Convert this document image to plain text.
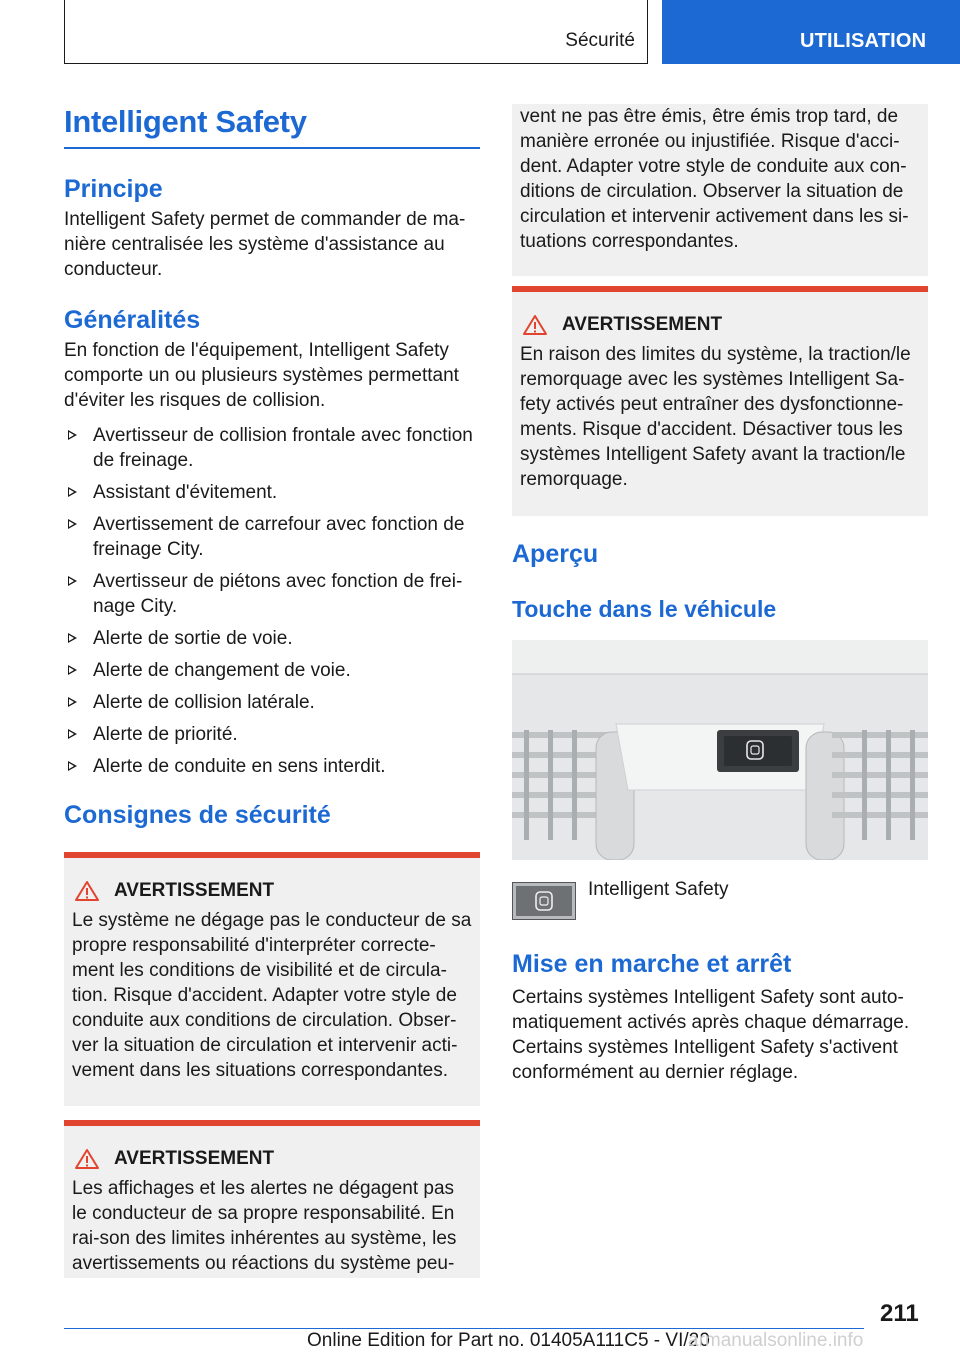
Sécurité	UTILISATION
Intelligent Safety
Principe

Intelligent Safety permet de commander de ma-nière centralisée les système d'assistance au conducteur.

Généralités

En fonction de l'équipement, Intelligent Safety comporte un ou plusieurs systèmes permettant d'éviter les risques de collision.

Avertisseur de collision frontale avec fonction de freinage.
Assistant d'évitement.
Avertissement de carrefour avec fonction de freinage City.
Avertisseur de piétons avec fonction de frei-nage City.
Alerte de sortie de voie.
Alerte de changement de voie.
Alerte de collision latérale.
Alerte de priorité.
Alerte de conduite en sens interdit.
Consignes de sécurité
AVERTISSEMENT
Le système ne dégage pas le conducteur de sa propre responsabilité d'interpréter correcte-ment les conditions de visibilité et de circula-tion. Risque d'accident. Adapter votre style de conduite aux conditions de circulation. Obser-ver la situation de circulation et intervenir acti-vement dans les situations correspondantes.
AVERTISSEMENT
Les affichages et les alertes ne dégagent pas le conducteur de sa propre responsabilité. En rai-son des limites inhérentes au système, les avertissements ou réactions du système peu-
vent ne pas être émis, être émis trop tard, de manière erronée ou injustifiée. Risque d'acci-dent. Adapter votre style de conduite aux con-ditions de circulation. Observer la situation de circulation et intervenir activement dans les si-tuations correspondantes.
AVERTISSEMENT
En raison des limites du système, la traction/le remorquage avec les systèmes Intelligent Sa-fety activés peut entraîner des dysfonctionne-ments. Risque d'accident. Désactiver tous les systèmes Intelligent Safety avant la traction/le remorquage.
Aperçu
Touche dans le véhicule
Intelligent Safety
Mise en marche et arrêt

Certains systèmes Intelligent Safety sont auto-matiquement activés après chaque démarrage. Certains systèmes Intelligent Safety s'activent conformément au dernier réglage.

211
Online Edition for Part no. 01405A111C5 - VI/20
armanualsonline.info
